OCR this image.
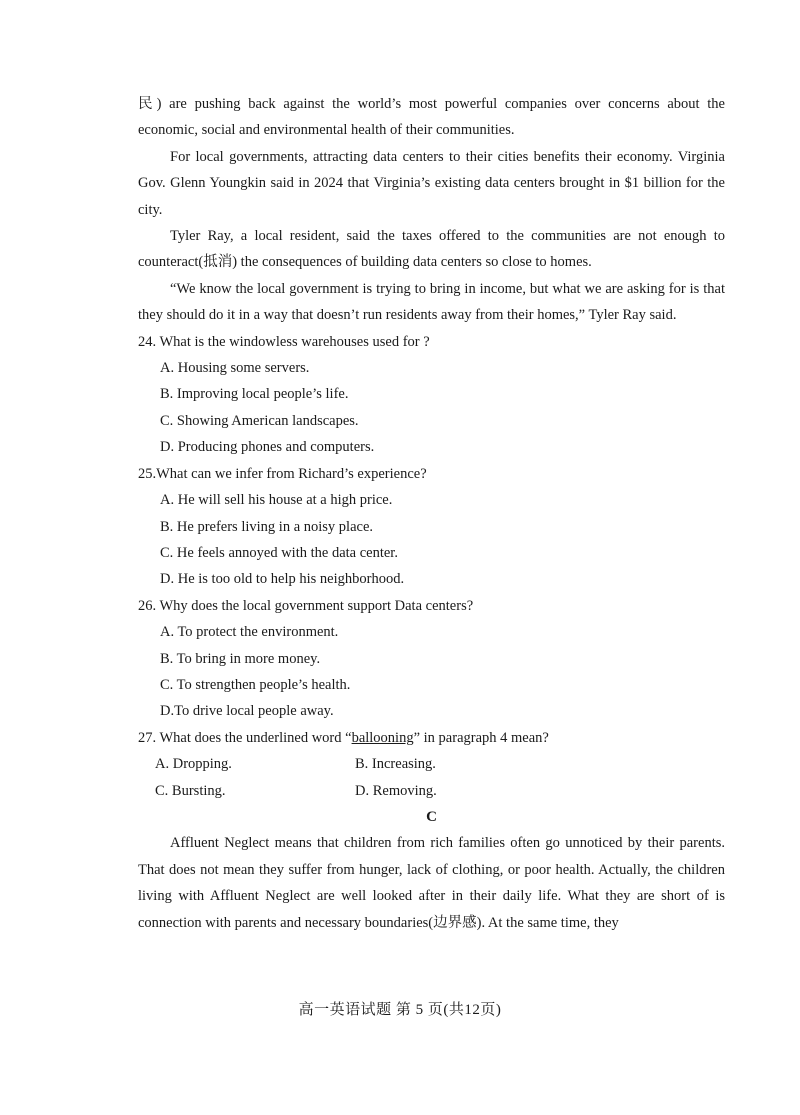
民) are pushing back against the world’s most powerful companies over concerns about the economic, social and environmental health of their communities.

For local governments, attracting data centers to their cities benefits their economy. Virginia Gov. Glenn Youngkin said in 2024 that Virginia’s existing data centers brought in $1 billion for the city.

Tyler Ray, a local resident, said the taxes offered to the communities are not enough to counteract(抵消) the consequences of building data centers so close to homes.

“We know the local government is trying to bring in income, but what we are asking for is that they should do it in a way that doesn’t run residents away from their homes,” Tyler Ray said.

24. What is the windowless warehouses used for ?

A. Housing some servers.

B. Improving local people’s life.

C. Showing American landscapes.

D. Producing phones and computers.

25.What can we infer from Richard’s experience?

A. He will sell his house at a high price.

B. He prefers living in a noisy place.

C. He feels annoyed with the data center.

D. He is too old to help his neighborhood.

26. Why does the local government support Data centers?

A. To protect the environment.

B. To bring in more money.

C. To strengthen people’s health.

D.To drive local people away.

27. What does the underlined word “ballooning” in paragraph 4 mean?

A. Dropping.	B. Increasing.
C. Bursting.	D. Removing.

C

Affluent Neglect means that children from rich families often go unnoticed by their parents. That does not mean they suffer from hunger, lack of clothing, or poor health. Actually, the children living with Affluent Neglect are well looked after in their daily life. What they are short of is connection with parents and necessary boundaries(边界感). At the same time, they

高一英语试题 第 5 页(共12页)
